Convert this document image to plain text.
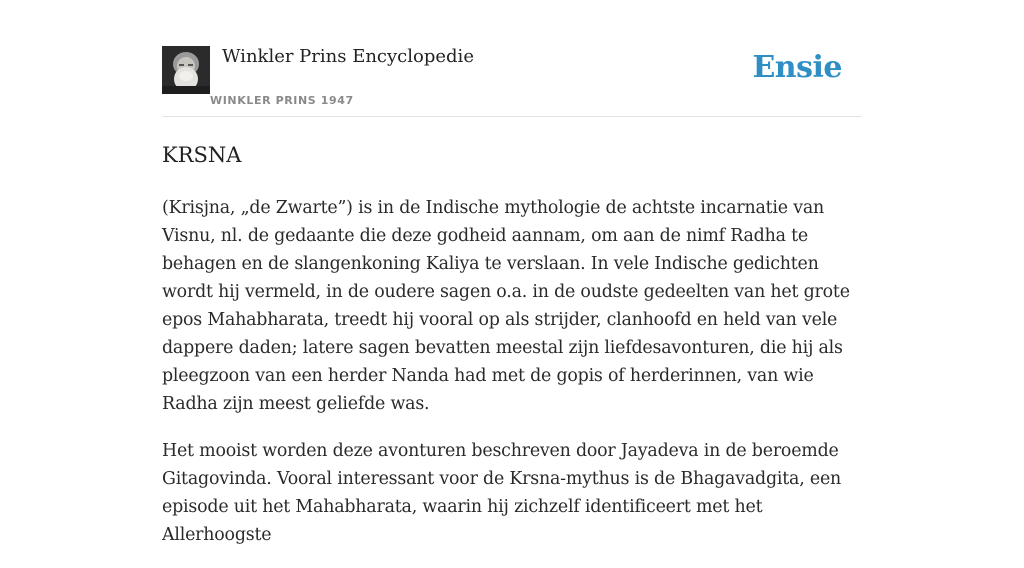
Winkler Prins Encyclopedie
WINKLER PRINS 1947
Ensie
KRSNA

(Krisjna, „de Zwarte”) is in de Indische mythologie de achtste incarnatie van Visnu, nl. de gedaante die deze godheid aannam, om aan de nimf Radha te behagen en de slangenkoning Kaliya te verslaan. In vele Indische gedichten wordt hij vermeld, in de oudere sagen o.a. in de oudste gedeelten van het grote epos Mahabharata, treedt hij vooral op als strijder, clanhoofd en held van vele dappere daden; latere sagen bevatten meestal zijn liefdesavonturen, die hij als pleegzoon van een herder Nanda had met de gopis of herderinnen, van wie Radha zijn meest geliefde was.

Het mooist worden deze avonturen beschreven door Jayadeva in de beroemde Gitagovinda. Vooral interessant voor de Krsna-mythus is de Bhagavadgita, een episode uit het Mahabharata, waarin hij zichzelf identificeert met het Allerhoogste
